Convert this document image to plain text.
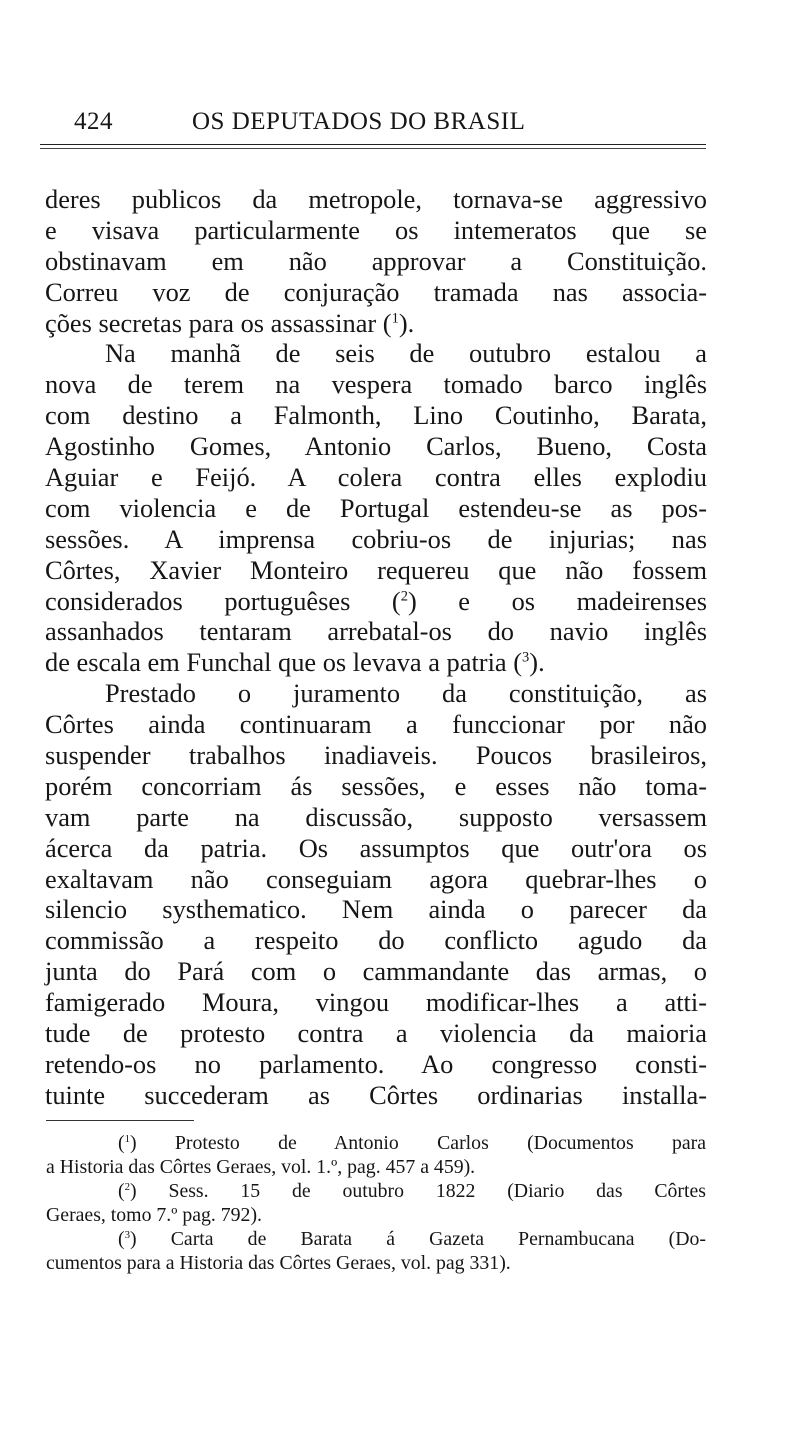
424	OS DEPUTADOS DO BRASIL
deres publicos da metropole, tornava-se aggressivo
e visava particularmente os intemeratos que se
obstinavam em não approvar a Constituição.
Correu voz de conjuração tramada nas associa-
ções secretas para os assassinar ($^1$).
Na manhã de seis de outubro estalou a
nova de terem na vespera tomado barco inglês
com destino a Falmonth, Lino Coutinho, Barata,
Agostinho Gomes, Antonio Carlos, Bueno, Costa
Aguiar e Feijó. A colera contra elles explodiu
com violencia e de Portugal estendeu-se as pos-
sessões. A imprensa cobriu-os de injurias; nas
Côrtes, Xavier Monteiro requereu que não fossem
considerados portuguêses ($^2$) e os madeirenses
assanhados tentaram arrebatal-os do navio inglês
de escala em Funchal que os levava a patria ($^3$).
Prestado o juramento da constituição, as
Côrtes ainda continuaram a funccionar por não
suspender trabalhos inadiaveis. Poucos brasileiros,
porém concorriam ás sessões, e esses não toma-
vam parte na discussão, supposto versassem
ácerca da patria. Os assumptos que outr'ora os
exaltavam não conseguiam agora quebrar-lhes o
silencio systhematico. Nem ainda o parecer da
commissão a respeito do conflicto agudo da
junta do Pará com o cammandante das armas, o
famigerado Moura, vingou modificar-lhes a atti-
tude de protesto contra a violencia da maioria
retendo-os no parlamento. Ao congresso consti-
tuinte succederam as Côrtes ordinarias installa-
($^1$) Protesto de Antonio Carlos (Documentos para
a Historia das Côrtes Geraes, vol. 1.º, pag. 457 a 459).
($^2$) Sess. 15 de outubro 1822 (Diario das Côrtes
Geraes, tomo 7.º pag. 792).
($^3$) Carta de Barata á Gazeta Pernambucana (Do-
cumentos para a Historia das Côrtes Geraes, vol. pag 331).
